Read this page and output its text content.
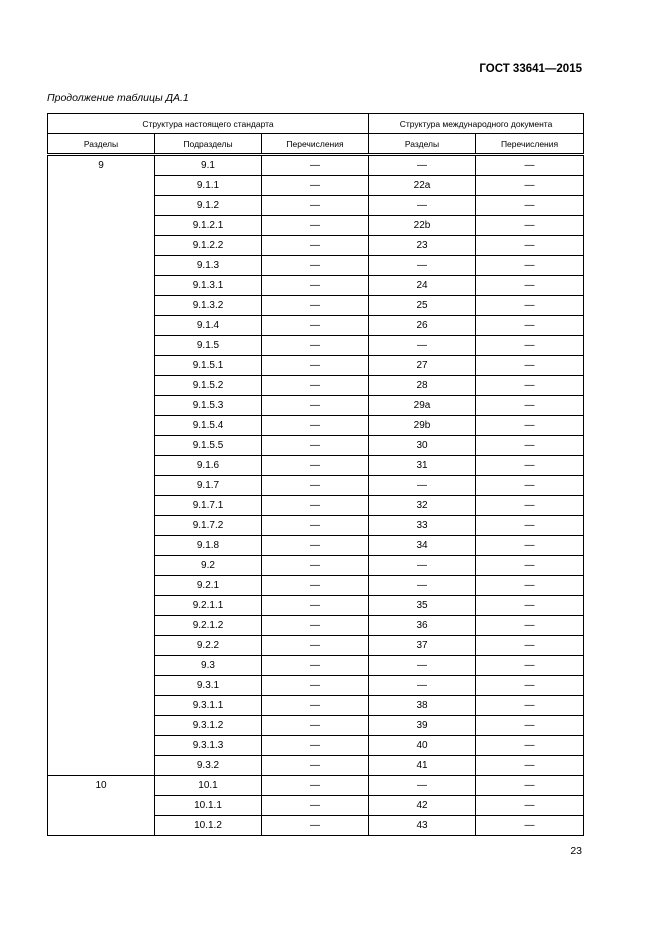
ГОСТ 33641—2015
Продолжение таблицы ДА.1
Структура настоящего стандарта			Структура международного документа	
Разделы	Подразделы	Перечисления	Разделы	Перечисления
9	9.1	—	—	—
	9.1.1	—	22a	—
	9.1.2	—	—	—
	9.1.2.1	—	22b	—
	9.1.2.2	—	23	—
	9.1.3	—	—	—
	9.1.3.1	—	24	—
	9.1.3.2	—	25	—
	9.1.4	—	26	—
	9.1.5	—	—	—
	9.1.5.1	—	27	—
	9.1.5.2	—	28	—
	9.1.5.3	—	29a	—
	9.1.5.4	—	29b	—
	9.1.5.5	—	30	—
	9.1.6	—	31	—
	9.1.7	—	—	—
	9.1.7.1	—	32	—
	9.1.7.2	—	33	—
	9.1.8	—	34	—
	9.2	—	—	—
	9.2.1	—	—	—
	9.2.1.1	—	35	—
	9.2.1.2	—	36	—
	9.2.2	—	37	—
	9.3	—	—	—
	9.3.1	—	—	—
	9.3.1.1	—	38	—
	9.3.1.2	—	39	—
	9.3.1.3	—	40	—
	9.3.2	—	41	—
10	10.1	—	—	—
	10.1.1	—	42	—
	10.1.2	—	43	—
23
